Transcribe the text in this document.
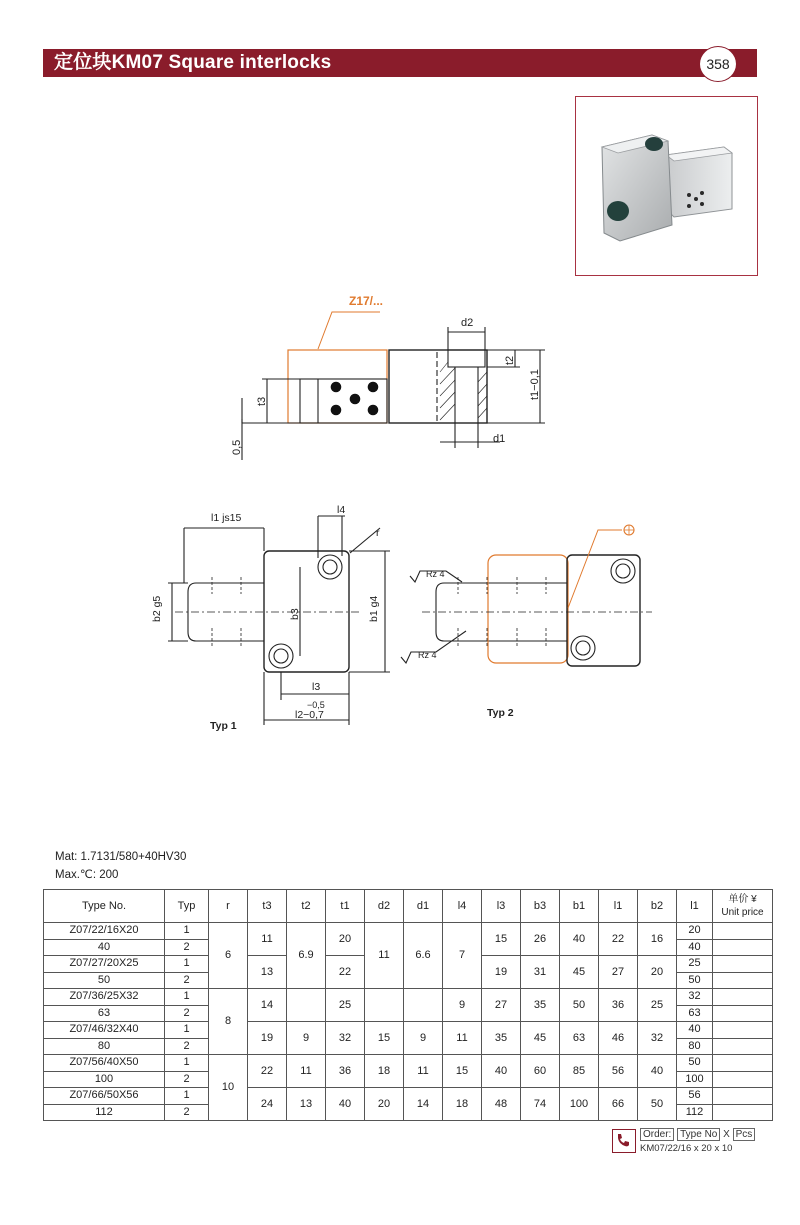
定位块KM07 Square interlocks	358
Z17/...
d2
d1
t2
t1−0,1
t3
0,5
l1 js15
l4
r
b2 g5	b3	b1 g4
l3
−0,5
l2−0,7
Typ 1
Rz 4
Rz 4
Typ 2
Mat: 1.7131/580+40HV30
Max.℃: 200
Type No.	Typ	r	t3	t2	t1	d2	d1	l4	l3	b3	b1	l1	b2	l1	单价 ¥
Unit price

Z07/22/16X20	1	6	11	6.9	20	11	6.6	7	15	26	40	22	16	20	
40	2													40	
Z07/27/20X25	1		13		22				19	31	45	27	20	25	
50	2													50	
Z07/36/25X32	1	8	14		25			9	27	35	50	36	25	32	
63	2													63	
Z07/46/32X40	1		19	9	32	15	9	11	35	45	63	46	32	40	
80	2													80	
Z07/56/40X50	1	10	22	11	36	18	11	15	40	60	85	56	40	50	
100	2													100	
Z07/66/50X56	1		24	13	40	20	14	18	48	74	100	66	50	56	
112	2													112	
Order: Type No X Pcs
KM07/22/16 x 20 x 10
